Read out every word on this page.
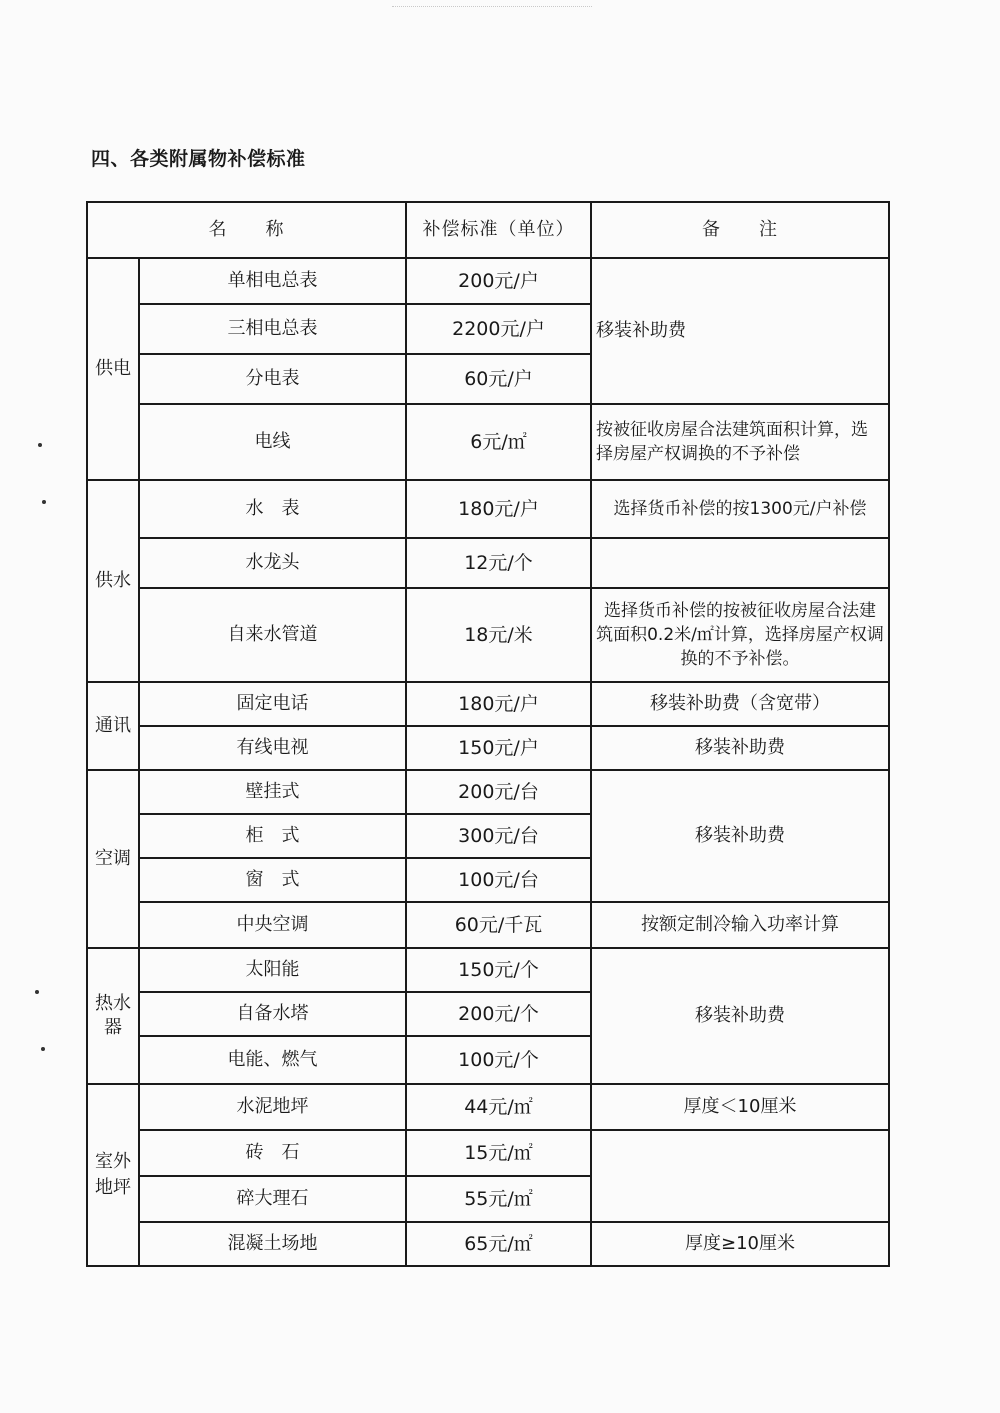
四、各类附属物补偿标准
名　　称		补偿标准（单位）	备　　注
供电	单相电总表	200元/户	移装补助费
	三相电总表	2200元/户	
	分电表	60元/户	
	电线	6元/㎡	按被征收房屋合法建筑面积计算，选择房屋产权调换的不予补偿
供水	水　表	180元/户	选择货币补偿的按1300元/户补偿
	水龙头	12元/个	
	自来水管道	18元/米	选择货币补偿的按被征收房屋合法建筑面积0.2米/㎡计算，选择房屋产权调换的不予补偿。
通讯	固定电话	180元/户	移装补助费（含宽带）
	有线电视	150元/户	移装补助费
空调	壁挂式	200元/台	移装补助费
	柜　式	300元/台	
	窗　式	100元/台	
	中央空调	60元/千瓦	按额定制冷输入功率计算
热水器	太阳能	150元/个	移装补助费
	自备水塔	200元/个	
	电能、燃气	100元/个	
室外地坪	水泥地坪	44元/㎡	厚度＜10厘米
	砖　石	15元/㎡	
	碎大理石	55元/㎡	
	混凝土场地	65元/㎡	厚度≥10厘米
